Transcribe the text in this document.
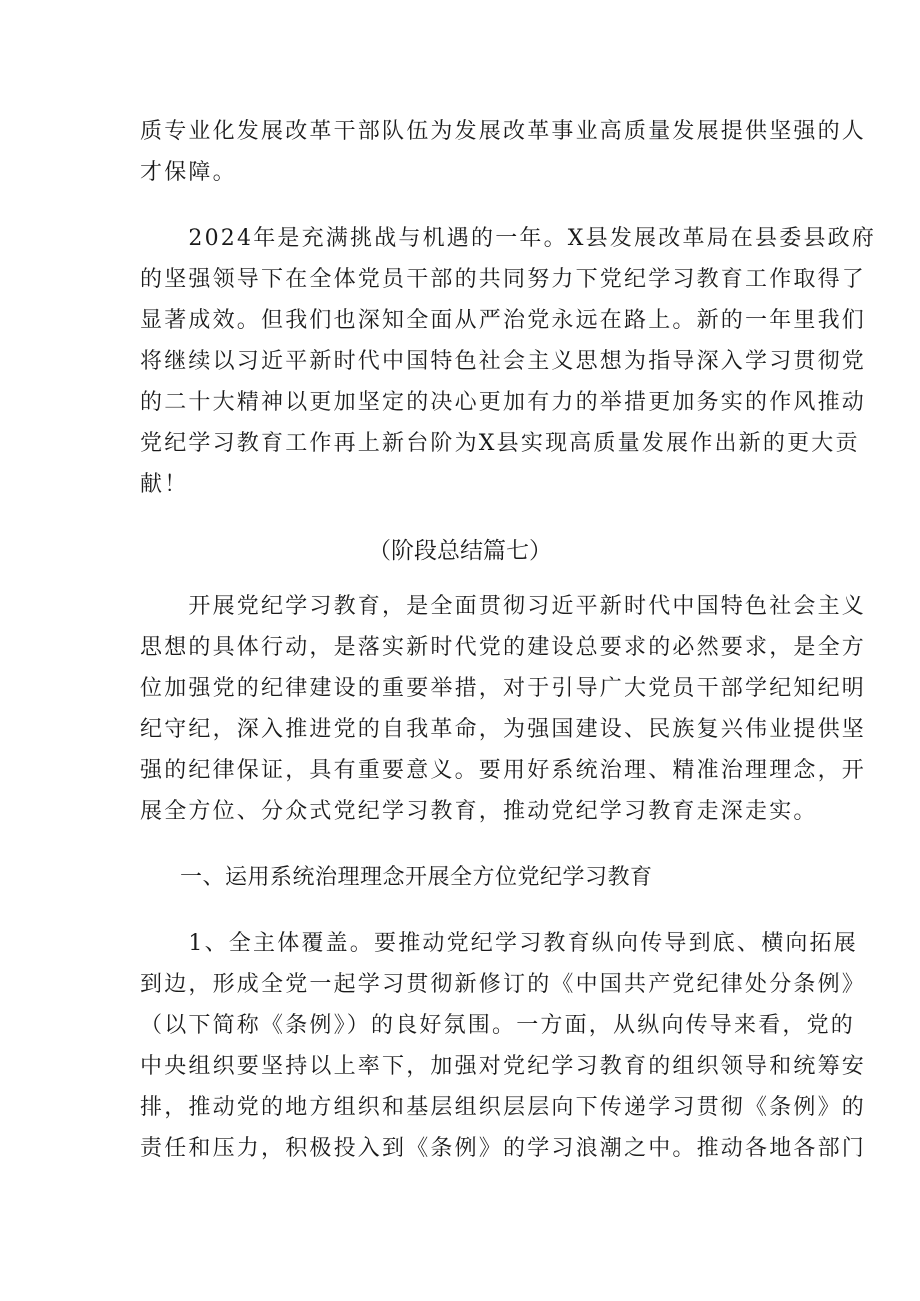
质专业化发展改革干部队伍为发展改革事业高质量发展提供坚强的人
才保障。
　　2024年是充满挑战与机遇的一年。X县发展改革局在县委县政府
的坚强领导下在全体党员干部的共同努力下党纪学习教育工作取得了
显著成效。但我们也深知全面从严治党永远在路上。新的一年里我们
将继续以习近平新时代中国特色社会主义思想为指导深入学习贯彻党
的二十大精神以更加坚定的决心更加有力的举措更加务实的作风推动
党纪学习教育工作再上新台阶为X县实现高质量发展作出新的更大贡
献！
（阶段总结篇七）
　　开展党纪学习教育，是全面贯彻习近平新时代中国特色社会主义
思想的具体行动，是落实新时代党的建设总要求的必然要求，是全方
位加强党的纪律建设的重要举措，对于引导广大党员干部学纪知纪明
纪守纪，深入推进党的自我革命，为强国建设、民族复兴伟业提供坚
强的纪律保证，具有重要意义。要用好系统治理、精准治理理念，开
展全方位、分众式党纪学习教育，推动党纪学习教育走深走实。
一、运用系统治理理念开展全方位党纪学习教育
　　1、全主体覆盖。要推动党纪学习教育纵向传导到底、横向拓展
到边，形成全党一起学习贯彻新修订的《中国共产党纪律处分条例》
（以下简称《条例》）的良好氛围。一方面，从纵向传导来看，党的
中央组织要坚持以上率下，加强对党纪学习教育的组织领导和统筹安
排，推动党的地方组织和基层组织层层向下传递学习贯彻《条例》的
责任和压力，积极投入到《条例》的学习浪潮之中。推动各地各部门
